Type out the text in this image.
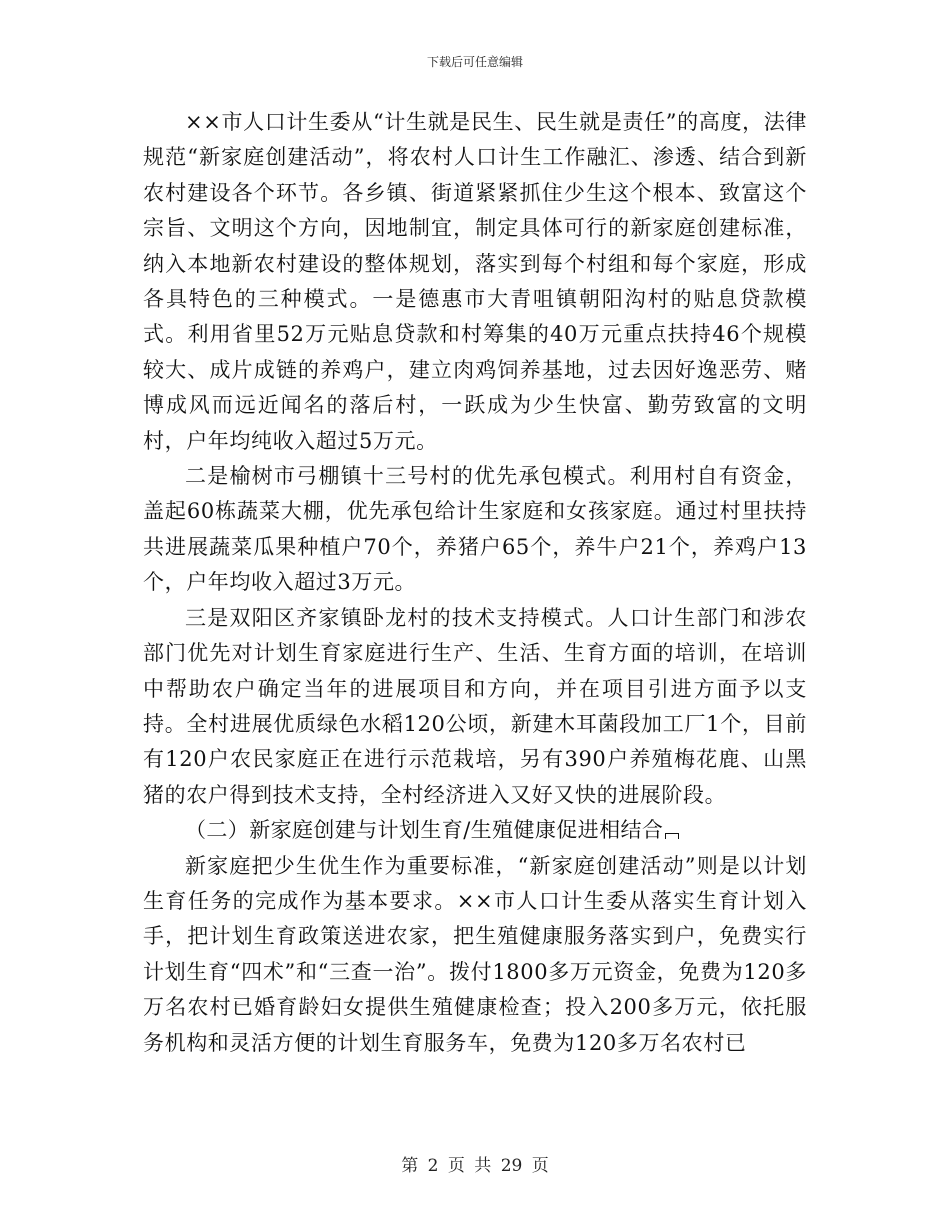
下载后可任意编辑

××市人口计生委从“计生就是民生、民生就是责任”的高度，法律规范“新家庭创建活动”，将农村人口计生工作融汇、渗透、结合到新农村建设各个环节。各乡镇、街道紧紧抓住少生这个根本、致富这个宗旨、文明这个方向，因地制宜，制定具体可行的新家庭创建标准，纳入本地新农村建设的整体规划，落实到每个村组和每个家庭，形成各具特色的三种模式。一是德惠市大青咀镇朝阳沟村的贴息贷款模式。利用省里52万元贴息贷款和村筹集的40万元重点扶持46个规模较大、成片成链的养鸡户，建立肉鸡饲养基地，过去因好逸恶劳、赌博成风而远近闻名的落后村，一跃成为少生快富、勤劳致富的文明村，户年均纯收入超过5万元。

二是榆树市弓棚镇十三号村的优先承包模式。利用村自有资金，盖起60栋蔬菜大棚，优先承包给计生家庭和女孩家庭。通过村里扶持共进展蔬菜瓜果种植户70个，养猪户65个，养牛户21个，养鸡户13个，户年均收入超过3万元。

三是双阳区齐家镇卧龙村的技术支持模式。人口计生部门和涉农部门优先对计划生育家庭进行生产、生活、生育方面的培训，在培训中帮助农户确定当年的进展项目和方向，并在项目引进方面予以支持。全村进展优质绿色水稻120公顷，新建木耳菌段加工厂1个，目前有120户农民家庭正在进行示范栽培，另有390户养殖梅花鹿、山黑猪的农户得到技术支持，全村经济进入又好又快的进展阶段。

（二）新家庭创建与计划生育/生殖健康促进相结合

新家庭把少生优生作为重要标准，“新家庭创建活动”则是以计划生育任务的完成作为基本要求。××市人口计生委从落实生育计划入手，把计划生育政策送进农家，把生殖健康服务落实到户，免费实行计划生育“四术”和“三查一治”。拨付1800多万元资金，免费为120多万名农村已婚育龄妇女提供生殖健康检查；投入200多万元，依托服务机构和灵活方便的计划生育服务车，免费为120多万名农村已

第 2 页 共 29 页
